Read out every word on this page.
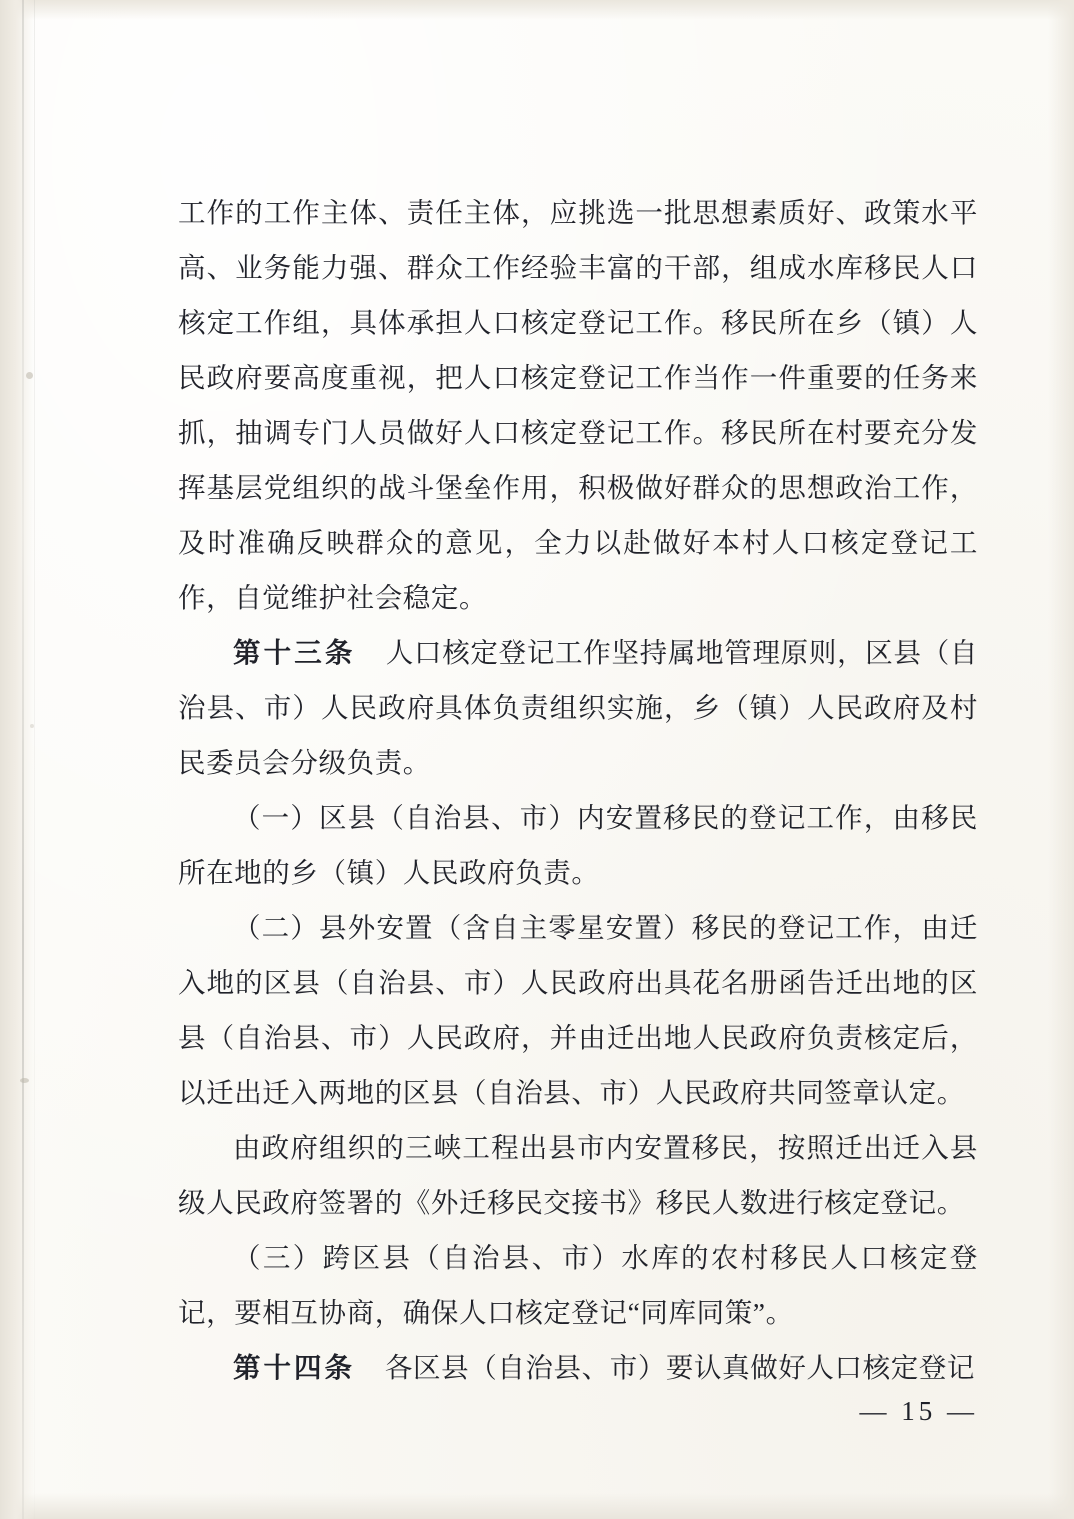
工作的工作主体、责任主体，应挑选一批思想素质好、政策水平高、业务能力强、群众工作经验丰富的干部，组成水库移民人口核定工作组，具体承担人口核定登记工作。移民所在乡（镇）人民政府要高度重视，把人口核定登记工作当作一件重要的任务来抓，抽调专门人员做好人口核定登记工作。移民所在村要充分发挥基层党组织的战斗堡垒作用，积极做好群众的思想政治工作，及时准确反映群众的意见，全力以赴做好本村人口核定登记工作，自觉维护社会稳定。

第十三条 人口核定登记工作坚持属地管理原则，区县（自治县、市）人民政府具体负责组织实施，乡（镇）人民政府及村民委员会分级负责。

（一）区县（自治县、市）内安置移民的登记工作，由移民所在地的乡（镇）人民政府负责。

（二）县外安置（含自主零星安置）移民的登记工作，由迁入地的区县（自治县、市）人民政府出具花名册函告迁出地的区县（自治县、市）人民政府，并由迁出地人民政府负责核定后，以迁出迁入两地的区县（自治县、市）人民政府共同签章认定。

由政府组织的三峡工程出县市内安置移民，按照迁出迁入县级人民政府签署的《外迁移民交接书》移民人数进行核定登记。

（三）跨区县（自治县、市）水库的农村移民人口核定登记，要相互协商，确保人口核定登记“同库同策”。

第十四条 各区县（自治县、市）要认真做好人口核定登记

— 15 —
